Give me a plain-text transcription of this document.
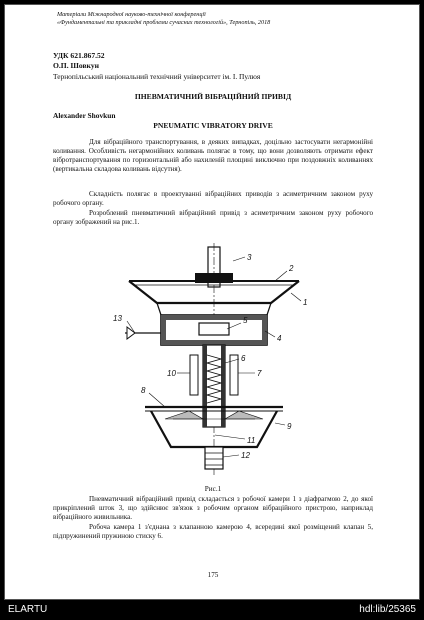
Матеріали Міжнародної науково-технічної конференції
«Фундаментальні та прикладні проблеми сучасних технологій», Тернопіль, 2018
УДК 621.867.52
О.П. Шовкун
Тернопільський національний технічний університет ім. І. Пулюя
ПНЕВМАТИЧНИЙ ВІБРАЦІЙНИЙ ПРИВІД
Alexander Shovkun
PNEUMATIC VIBRATORY DRIVE
Для вібраційного транспортування, в деяких випадках, доцільно застосувати негармонійні коливання. Особливість негармонійних коливань полягає в тому, що вони дозволяють отримати ефект вібротранспортування по горизонтальній або нахиленій площині виключно при поздовжніх коливаннях (вертикальна складова коливань відсутня).
Складність полягає в проектуванні вібраційних приводів з асиметричним законом руху робочого органу.
Розроблений пневматичний вібраційний привід з асиметричним законом руху робочого органу зображений на рис.1.
3
2
1
4
5
6
7
10
8
9
11
12
13
Рис.1
Пневматичний вібраційний привід складається з робочої камери 1 з діафрагмою 2, до якої прикріплений шток 3, що здійснює зв'язок з робочим органом вібраційного пристрою, наприклад вібраційного живильника.
Робоча камера 1 з'єднана з клапанною камерою 4, всередині якої розміщений клапан 5, підпружинений пружиною стиску 6.
175
ELARTU	hdl:lib/25365
